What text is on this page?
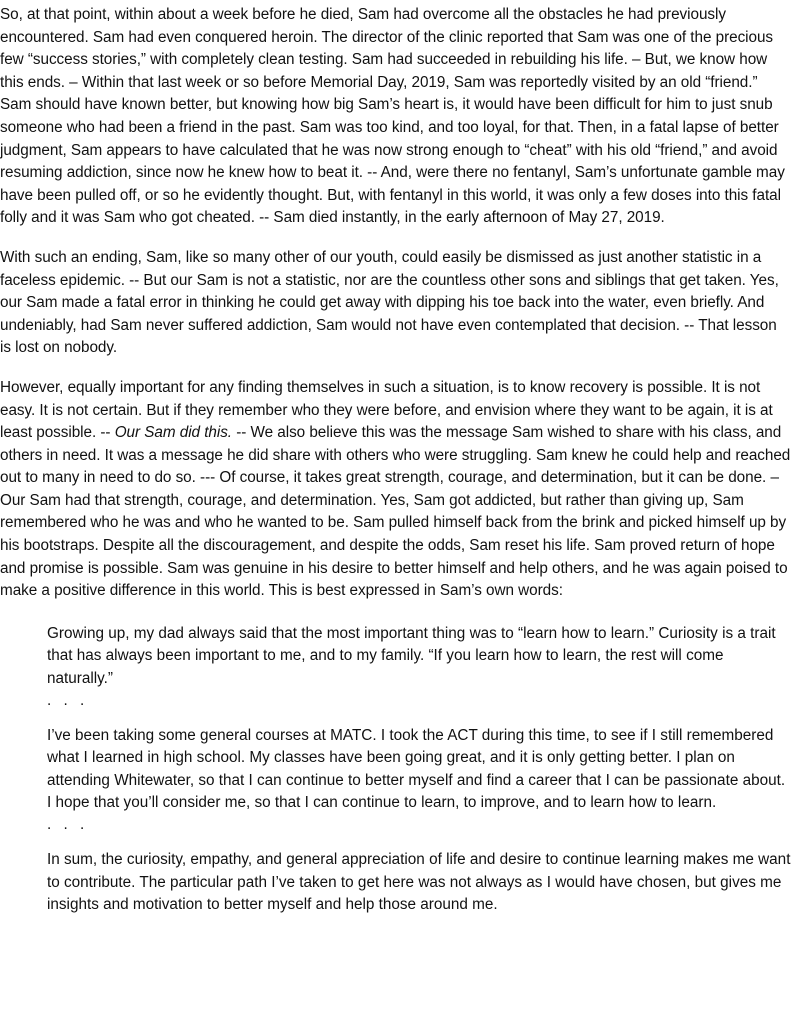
So, at that point, within about a week before he died, Sam had overcome all the obstacles he had previously encountered. Sam had even conquered heroin. The director of the clinic reported that Sam was one of the precious few “success stories,” with completely clean testing. Sam had succeeded in rebuilding his life. – But, we know how this ends. – Within that last week or so before Memorial Day, 2019, Sam was reportedly visited by an old “friend.” Sam should have known better, but knowing how big Sam’s heart is, it would have been difficult for him to just snub someone who had been a friend in the past. Sam was too kind, and too loyal, for that. Then, in a fatal lapse of better judgment, Sam appears to have calculated that he was now strong enough to “cheat” with his old “friend,” and avoid resuming addiction, since now he knew how to beat it. -- And, were there no fentanyl, Sam’s unfortunate gamble may have been pulled off, or so he evidently thought. But, with fentanyl in this world, it was only a few doses into this fatal folly and it was Sam who got cheated. -- Sam died instantly, in the early afternoon of May 27, 2019.

With such an ending, Sam, like so many other of our youth, could easily be dismissed as just another statistic in a faceless epidemic. -- But our Sam is not a statistic, nor are the countless other sons and siblings that get taken. Yes, our Sam made a fatal error in thinking he could get away with dipping his toe back into the water, even briefly. And undeniably, had Sam never suffered addiction, Sam would not have even contemplated that decision. -- That lesson is lost on nobody.

However, equally important for any finding themselves in such a situation, is to know recovery is possible. It is not easy. It is not certain. But if they remember who they were before, and envision where they want to be again, it is at least possible. -- Our Sam did this. -- We also believe this was the message Sam wished to share with his class, and others in need. It was a message he did share with others who were struggling. Sam knew he could help and reached out to many in need to do so. --- Of course, it takes great strength, courage, and determination, but it can be done. – Our Sam had that strength, courage, and determination. Yes, Sam got addicted, but rather than giving up, Sam remembered who he was and who he wanted to be. Sam pulled himself back from the brink and picked himself up by his bootstraps. Despite all the discouragement, and despite the odds, Sam reset his life. Sam proved return of hope and promise is possible. Sam was genuine in his desire to better himself and help others, and he was again poised to make a positive difference in this world. This is best expressed in Sam’s own words:

Growing up, my dad always said that the most important thing was to “learn how to learn.” Curiosity is a trait that has always been important to me, and to my family. “If you learn how to learn, the rest will come naturally.”

. . .

I’ve been taking some general courses at MATC. I took the ACT during this time, to see if I still remembered what I learned in high school. My classes have been going great, and it is only getting better. I plan on attending Whitewater, so that I can continue to better myself and find a career that I can be passionate about. I hope that you’ll consider me, so that I can continue to learn, to improve, and to learn how to learn.

. . .

In sum, the curiosity, empathy, and general appreciation of life and desire to continue learning makes me want to contribute. The particular path I’ve taken to get here was not always as I would have chosen, but gives me insights and motivation to better myself and help those around me.
